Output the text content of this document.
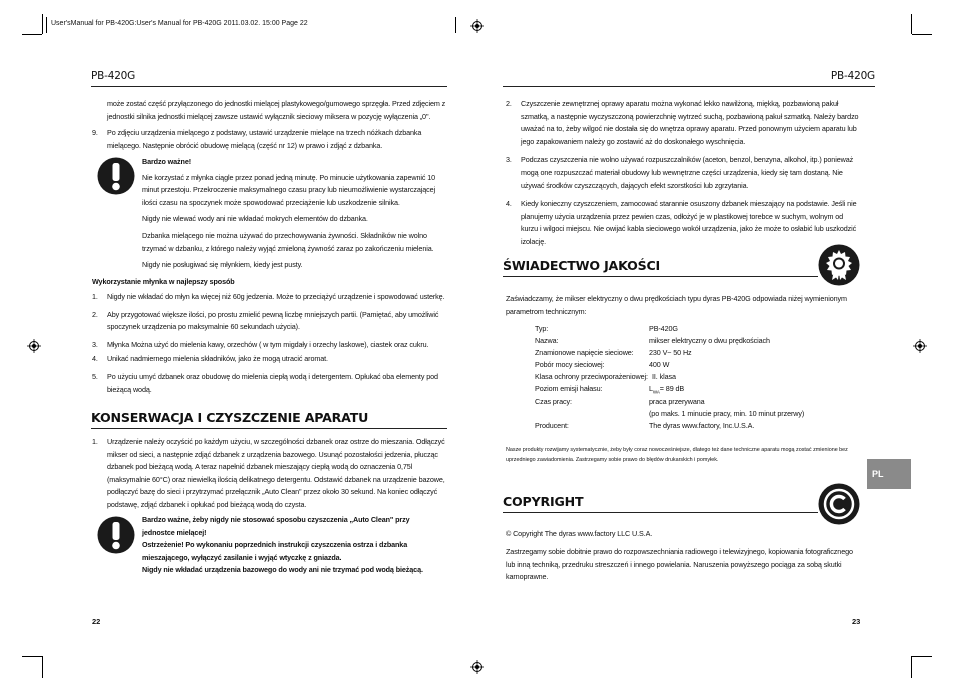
User'sManual for PB-420G:User's Manual for PB-420G 2011.03.02. 15:00 Page 22
PB-420G
może zostać część przyłączonego do jednostki mielącej plastykowego/gumowego sprzęgła. Przed zdjęciem z
jednostki silnika jednostki mielącej zawsze ustawić wyłącznik sieciowy miksera w pozycję wyłączenia „0".
9. Po zdjęciu urządzenia mielącego z podstawy, ustawić urządzenie mielące na trzech nóżkach dzbanka
mielącego. Następnie obrócić obudowę mielącą (część nr 12) w prawo i zdjąć z dzbanka.
Bardzo ważne!
Nie korzystać z młynka ciągle przez ponad jedną minutę. Po minucie użytkowania zapewnić 10
minut przestoju. Przekroczenie maksymalnego czasu pracy lub nieumożliwienie wystarczającej
ilości czasu na spoczynek może spowodować przeciążenie lub uszkodzenie silnika.
Nigdy nie wlewać wody ani nie wkładać mokrych elementów do dzbanka.
Dzbanka mielącego nie można używać do przechowywania żywności. Składników nie wolno
trzymać w dzbanku, z którego należy wyjąć zmieloną żywność zaraz po zakończeniu mielenia.
Nigdy nie posługiwać się młynkiem, kiedy jest pusty.
Wykorzystanie młynka w najlepszy sposób
1. Nigdy nie wkładać do młyn ka więcej niż 60g jedzenia. Może to przeciążyć urządzenie i spowodować usterkę.
2. Aby przygotować większe ilości, po prostu zmielić pewną liczbę mniejszych partii. (Pamiętać, aby umożliwić
spoczynek urządzenia po maksymalnie 60 sekundach użycia).
3. Młynka Można użyć do mielenia kawy, orzechów ( w tym migdały i orzechy laskowe), ciastek oraz cukru.
4. Unikać nadmiernego mielenia składników, jako że mogą utracić aromat.
5. Po użyciu umyć dzbanek oraz obudowę do mielenia ciepłą wodą i detergentem. Opłukać oba elementy pod
bieżącą wodą.
KONSERWACJA I CZYSZCZENIE APARATU
1. Urządzenie należy oczyścić po każdym użyciu, w szczególności dzbanek oraz ostrze do mieszania. Odłączyć
mikser od sieci, a następnie zdjąć dzbanek z urządzenia bazowego. Usunąć pozostałości jedzenia, płucząc
dzbanek pod bieżącą wodą. A teraz napełnić dzbanek mieszający ciepłą wodą do oznaczenia 0,75l
(maksymalnie 60°C) oraz niewielką ilością delikatnego detergentu. Odstawić dzbanek na urządzenie bazowe,
podłączyć bazę do sieci i przytrzymać przełącznik „Auto Clean" przez około 30 sekund. Na koniec odłączyć
podstawę, zdjąć dzbanek i opłukać pod bieżącą wodą do czysta.
Bardzo ważne, żeby nigdy nie stosować sposobu czyszczenia „Auto Clean" przy
jednostce mielącej!
Ostrzeżenie! Po wykonaniu poprzednich instrukcji czyszczenia ostrza i dzbanka
mieszającego, wyłączyć zasilanie i wyjąć wtyczkę z gniazda.
Nigdy nie wkładać urządzenia bazowego do wody ani nie trzymać pod wodą bieżącą.
22
PB-420G
2. Czyszczenie zewnętrznej oprawy aparatu można wykonać lekko nawilżoną, miękką, pozbawioną pakuł
szmatką, a następnie wyczyszczoną powierzchnię wytrzeć suchą, pozbawioną pakuł szmatką. Należy bardzo
uważać na to, żeby wilgoć nie dostała się do wnętrza oprawy aparatu. Przed ponownym użyciem aparatu lub
jego zapakowaniem należy go zostawić aż do doskonałego wyschnięcia.
3. Podczas czyszczenia nie wolno używać rozpuszczalników (aceton, benzol, benzyna, alkohol, itp.) ponieważ
mogą one rozpuszczać materiał obudowy lub wewnętrzne części urządzenia, kiedy się tam dostaną. Nie
używać środków czyszczących, dających efekt szorstkości lub zgrzytania.
4. Kiedy konieczny czyszczeniem, zamocować starannie osuszony dzbanek mieszający na podstawie. Jeśli nie
planujemy użycia urządzenia przez pewien czas, odłożyć je w plastikowej torebce w suchym, wolnym od
kurzu i wilgoci miejscu. Nie owijać kabla sieciowego wokół urządzenia, jako że może to osłabić lub uszkodzić
izolację.
ŚWIADECTWO JAKOŚCI
Zaświadczamy, że mikser elektryczny o dwu prędkościach typu dyras PB-420G odpowiada niżej wymienionym
parametrom technicznym:
Typ:	PB-420G
Nazwa:	mikser elektryczny o dwu prędkościach
Znamionowe napięcie sieciowe: 230 V~ 50 Hz
Pobór mocy sieciowej:	400 W
Klasa ochrony przeciwporażeniowej: II. klasa
Poziom emisji hałasu:	$L_{WA}= 89$ dB
Czas pracy:	praca przerywana
(po maks. 1 minucie pracy, min. 10 minut przerwy)
Producent:	The dyras www.factory, Inc.U.S.A.
Nasze produkty rozwijamy systematycznie, żeby były coraz nowocześniejsze, dlatego też dane techniczne aparatu mogą zostać zmienione bez
uprzedniego zawiadomienia. Zastrzegamy sobie prawo do błędów drukarskich i pomyłek.
PL
COPYRIGHT
© Copyright The dyras www.factory LLC U.S.A.
Zastrzegamy sobie dobitnie prawo do rozpowszechniania radiowego i telewizyjnego, kopiowania fotograficznego
lub inną techniką, przedruku streszczeń i innego powielania. Naruszenia powyższego pociąga za sobą skutki
karnoprawne.
23
